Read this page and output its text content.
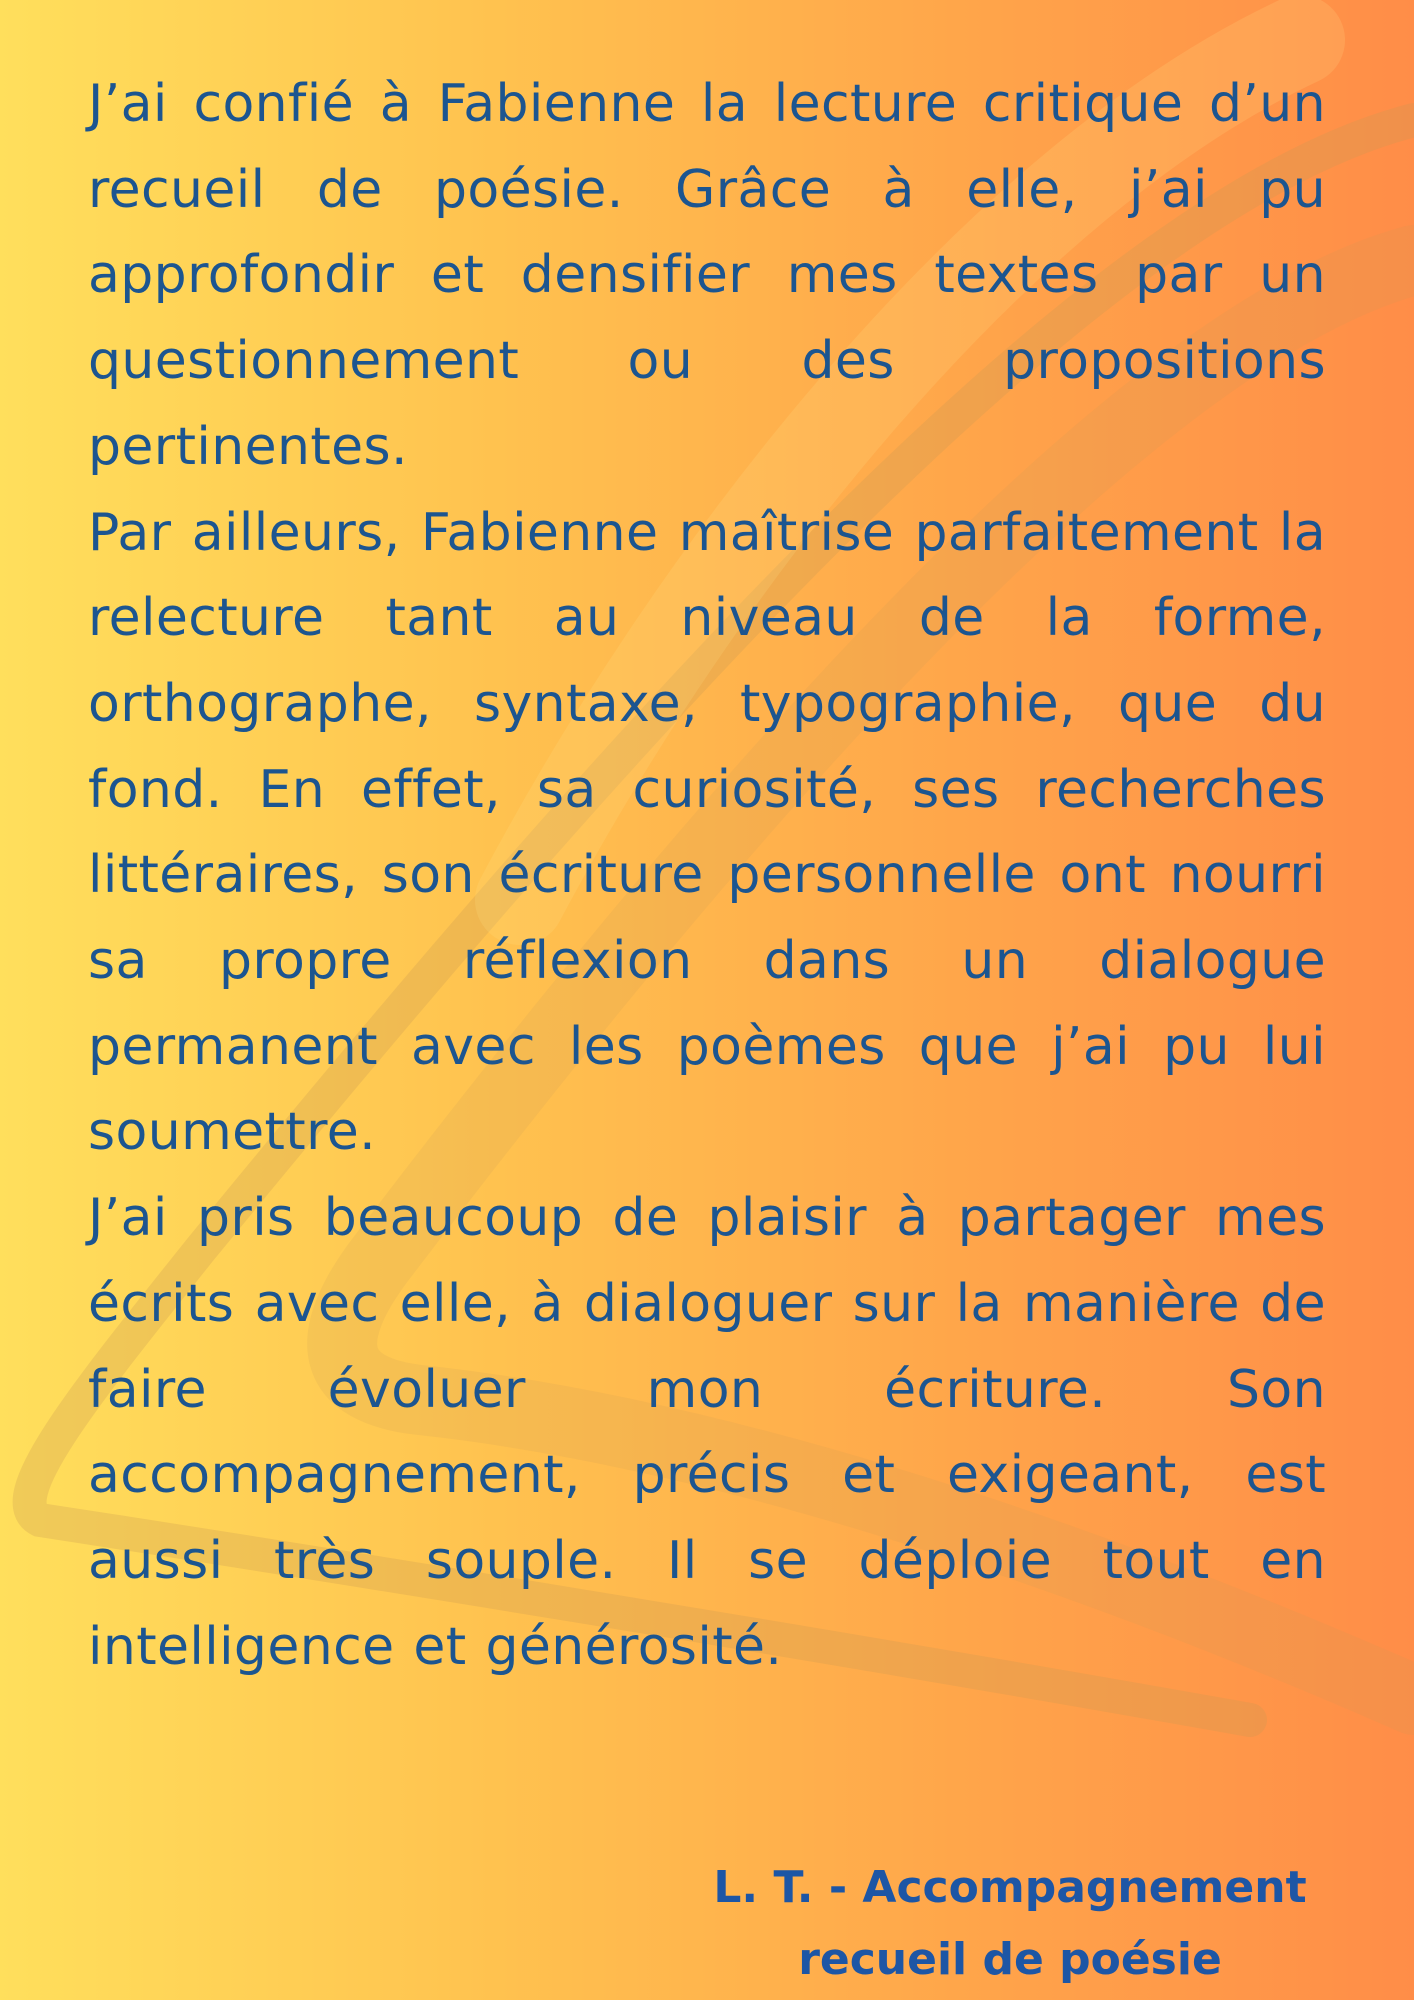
J’ai confié à Fabienne la lecture critique d’un recueil de poésie. Grâce à elle, j’ai pu approfondir et densifier mes textes par un questionnement ou des propositions pertinentes.

Par ailleurs, Fabienne maîtrise parfaitement la relecture tant au niveau de la forme, orthographe, syntaxe, typographie, que du fond. En effet, sa curiosité, ses recherches littéraires, son écriture personnelle ont nourri sa propre réflexion dans un dialogue permanent avec les poèmes que j’ai pu lui soumettre.

J’ai pris beaucoup de plaisir à partager mes écrits avec elle, à dialoguer sur la manière de faire évoluer mon écriture. Son accompagnement, précis et exigeant, est aussi très souple. Il se déploie tout en intelligence et générosité.

L. T. - Accompagnement
recueil de poésie
